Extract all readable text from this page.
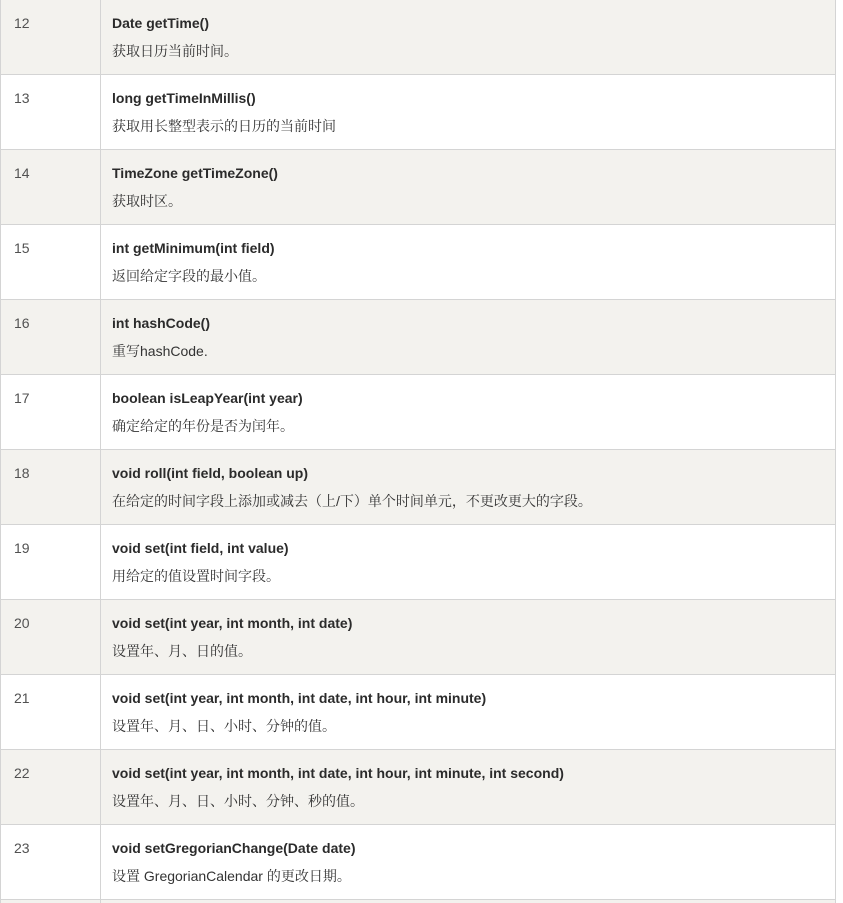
12	Date getTime()

获取日历当前时间。

13	long getTimeInMillis()

获取用长整型表示的日历的当前时间

14	TimeZone getTimeZone()

获取时区。

15	int getMinimum(int field)

返回给定字段的最小值。

16	int hashCode()

重写hashCode.

17	boolean isLeapYear(int year)

确定给定的年份是否为闰年。

18	void roll(int field, boolean up)

在给定的时间字段上添加或减去（上/下）单个时间单元，不更改更大的字段。

19	void set(int field, int value)

用给定的值设置时间字段。

20	void set(int year, int month, int date)

设置年、月、日的值。

21	void set(int year, int month, int date, int hour, int minute)

设置年、月、日、小时、分钟的值。

22	void set(int year, int month, int date, int hour, int minute, int second)

设置年、月、日、小时、分钟、秒的值。

23	void setGregorianChange(Date date)

设置 GregorianCalendar 的更改日期。
